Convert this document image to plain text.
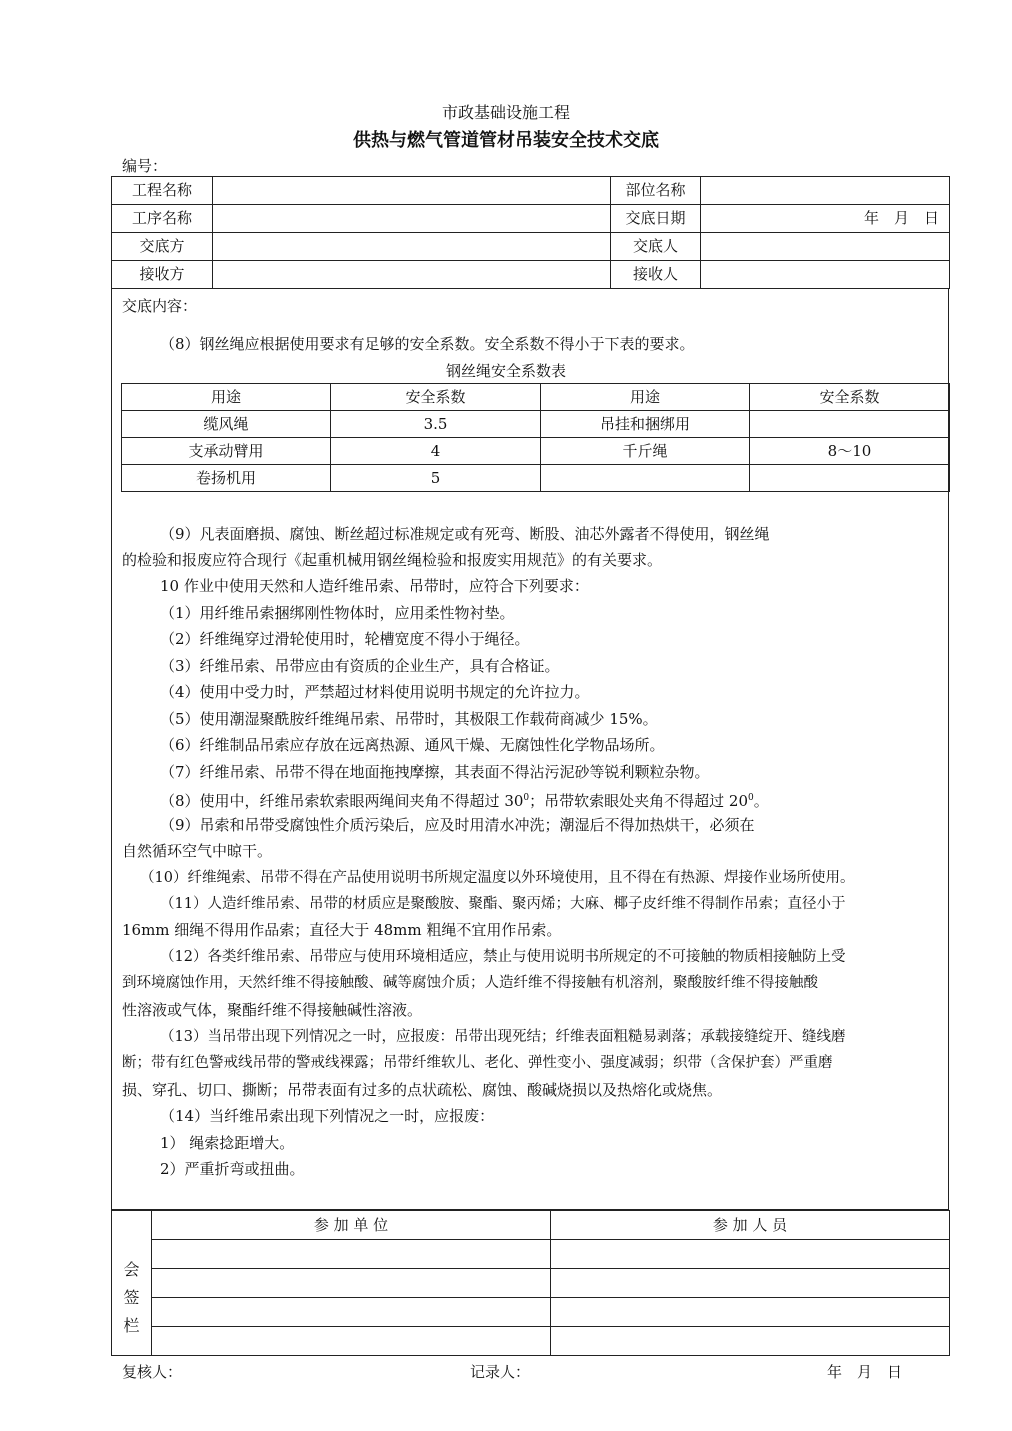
市政基础设施工程
供热与燃气管道管材吊装安全技术交底
编号：
工程名称		部位名称	
工序名称		交底日期	年　月　日
交底方		交底人	
接收方		接收人	
交底内容：
（8）钢丝绳应根据使用要求有足够的安全系数。安全系数不得小于下表的要求。
钢丝绳安全系数表
用途	安全系数	用途	安全系数
缆风绳	3.5	吊挂和捆绑用	
支承动臂用	4	千斤绳	8～10
卷扬机用	5		
（9）凡表面磨损、腐蚀、断丝超过标准规定或有死弯、断股、油芯外露者不得使用，钢丝绳
的检验和报废应符合现行《起重机械用钢丝绳检验和报废实用规范》的有关要求。
10 作业中使用天然和人造纤维吊索、吊带时，应符合下列要求：
（1）用纤维吊索捆绑刚性物体时，应用柔性物衬垫。
（2）纤维绳穿过滑轮使用时，轮槽宽度不得小于绳径。
（3）纤维吊索、吊带应由有资质的企业生产，具有合格证。
（4）使用中受力时，严禁超过材料使用说明书规定的允许拉力。
（5）使用潮湿聚酰胺纤维绳吊索、吊带时，其极限工作载荷商减少 15%。
（6）纤维制品吊索应存放在远离热源、通风干燥、无腐蚀性化学物品场所。
（7）纤维吊索、吊带不得在地面拖拽摩擦，其表面不得沾污泥砂等锐利颗粒杂物。
（8）使用中，纤维吊索软索眼两绳间夹角不得超过 $30^0$；吊带软索眼处夹角不得超过 $20^0$。
（9）吊索和吊带受腐蚀性介质污染后，应及时用清水冲洗；潮湿后不得加热烘干，必须在
自然循环空气中晾干。
（10）纤维绳索、吊带不得在产品使用说明书所规定温度以外环境使用，且不得在有热源、焊接作业场所使用。
（11）人造纤维吊索、吊带的材质应是聚酸胺、聚酯、聚丙烯；大麻、椰子皮纤维不得制作吊索；直径小于
16mm 细绳不得用作品索；直径大于 48mm 粗绳不宜用作吊索。
（12）各类纤维吊索、吊带应与使用环境相适应，禁止与使用说明书所规定的不可接触的物质相接触防上受
到环境腐蚀作用，天然纤维不得接触酸、碱等腐蚀介质；人造纤维不得接触有机溶剂，聚酸胺纤维不得接触酸
性溶液或气体，聚酯纤维不得接触碱性溶液。
（13）当吊带出现下列情况之一时，应报废：吊带出现死结；纤维表面粗糙易剥落；承载接缝绽开、缝线磨
断；带有红色警戒线吊带的警戒线裸露；吊带纤维软儿、老化、弹性变小、强度减弱；织带（含保护套）严重磨
损、穿孔、切口、撕断；吊带表面有过多的点状疏松、腐蚀、酸碱烧损以及热熔化或烧焦。
（14）当纤维吊索出现下列情况之一时，应报废：
1） 绳索捻距增大。
2）严重折弯或扭曲。
会
签
栏	参 加 单 位	参 加 人 员

复核人：	记录人：	年　月　日
